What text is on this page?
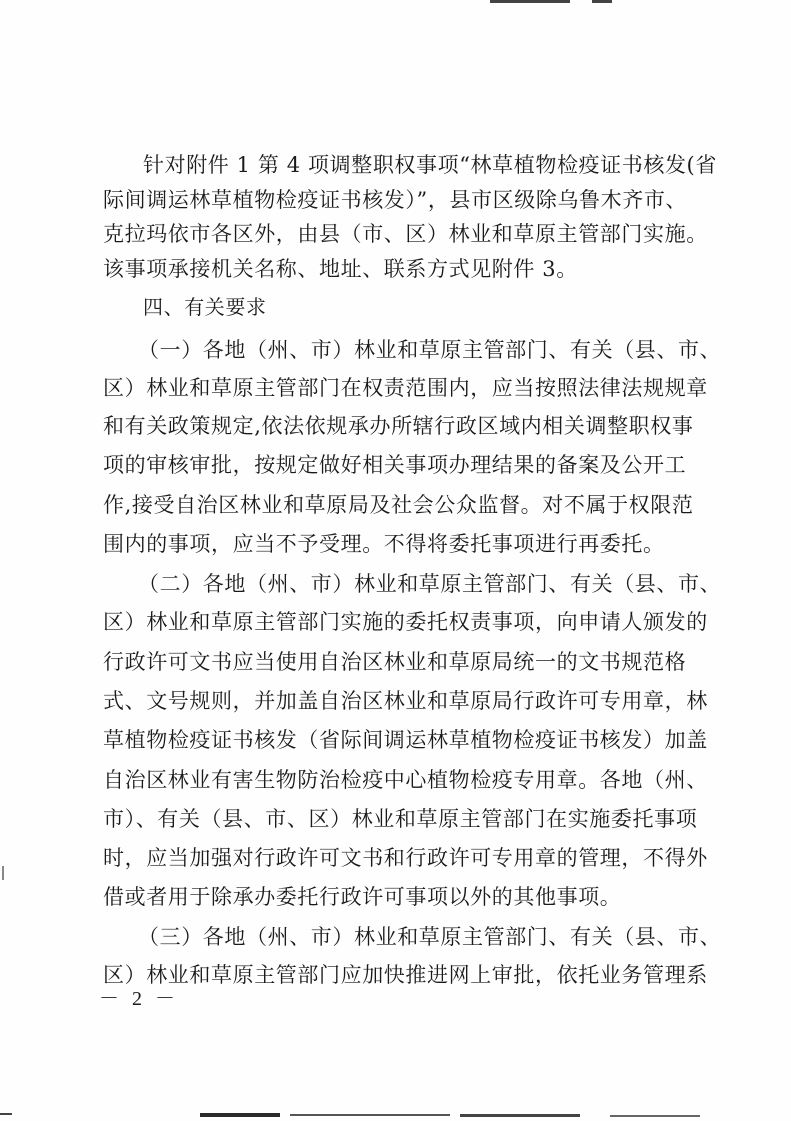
针对附件 1 第 4 项调整职权事项“林草植物检疫证书核发(省
际间调运林草植物检疫证书核发）”，县市区级除乌鲁木齐市、
克拉玛依市各区外，由县（市、区）林业和草原主管部门实施。
该事项承接机关名称、地址、联系方式见附件 3。
四、有关要求
（一）各地（州、市）林业和草原主管部门、有关（县、市、
区）林业和草原主管部门在权责范围内，应当按照法律法规规章
和有关政策规定,依法依规承办所辖行政区域内相关调整职权事
项的审核审批，按规定做好相关事项办理结果的备案及公开工
作,接受自治区林业和草原局及社会公众监督。对不属于权限范
围内的事项，应当不予受理。不得将委托事项进行再委托。
（二）各地（州、市）林业和草原主管部门、有关（县、市、
区）林业和草原主管部门实施的委托权责事项，向申请人颁发的
行政许可文书应当使用自治区林业和草原局统一的文书规范格
式、文号规则，并加盖自治区林业和草原局行政许可专用章，林
草植物检疫证书核发（省际间调运林草植物检疫证书核发）加盖
自治区林业有害生物防治检疫中心植物检疫专用章。各地（州、
市）、有关（县、市、区）林业和草原主管部门在实施委托事项
时，应当加强对行政许可文书和行政许可专用章的管理，不得外
借或者用于除承办委托行政许可事项以外的其他事项。
（三）各地（州、市）林业和草原主管部门、有关（县、市、
区）林业和草原主管部门应加快推进网上审批，依托业务管理系
－ 2 －
